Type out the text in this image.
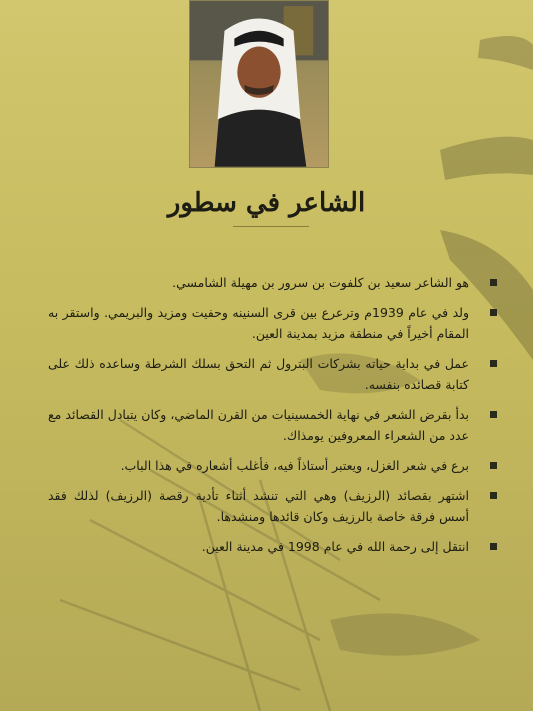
الشاعر في سطور
هو الشاعر سعيد بن كلفوت بن سرور بن مهيلة الشامسي.
ولد في عام 1939م وترعرع بين قرى السنينه وحفيت ومزيد والبريمي. واستقر به المقام أخيراً في منطقة مزيد بمدينة العين.
عمل في بداية حياته بشركات البترول ثم التحق بسلك الشرطة وساعده ذلك على كتابة قصائده بنفسه.
بدأ بقرض الشعر في نهاية الخمسينيات من القرن الماضي، وكان يتبادل القصائد مع عدد من الشعراء المعروفين يومذاك.
برع في شعر الغزل، ويعتبر أستاذاً فيه، فأغلب أشعاره في هذا الباب.
اشتهر بقصائد (الرزيف) وهي التي تنشد أثناء تأدية رقصة (الرزيف) لذلك فقد أسس فرقة خاصة بالرزيف وكان قائدها ومنشدها.
انتقل إلى رحمة الله في عام 1998 في مدينة العين.
